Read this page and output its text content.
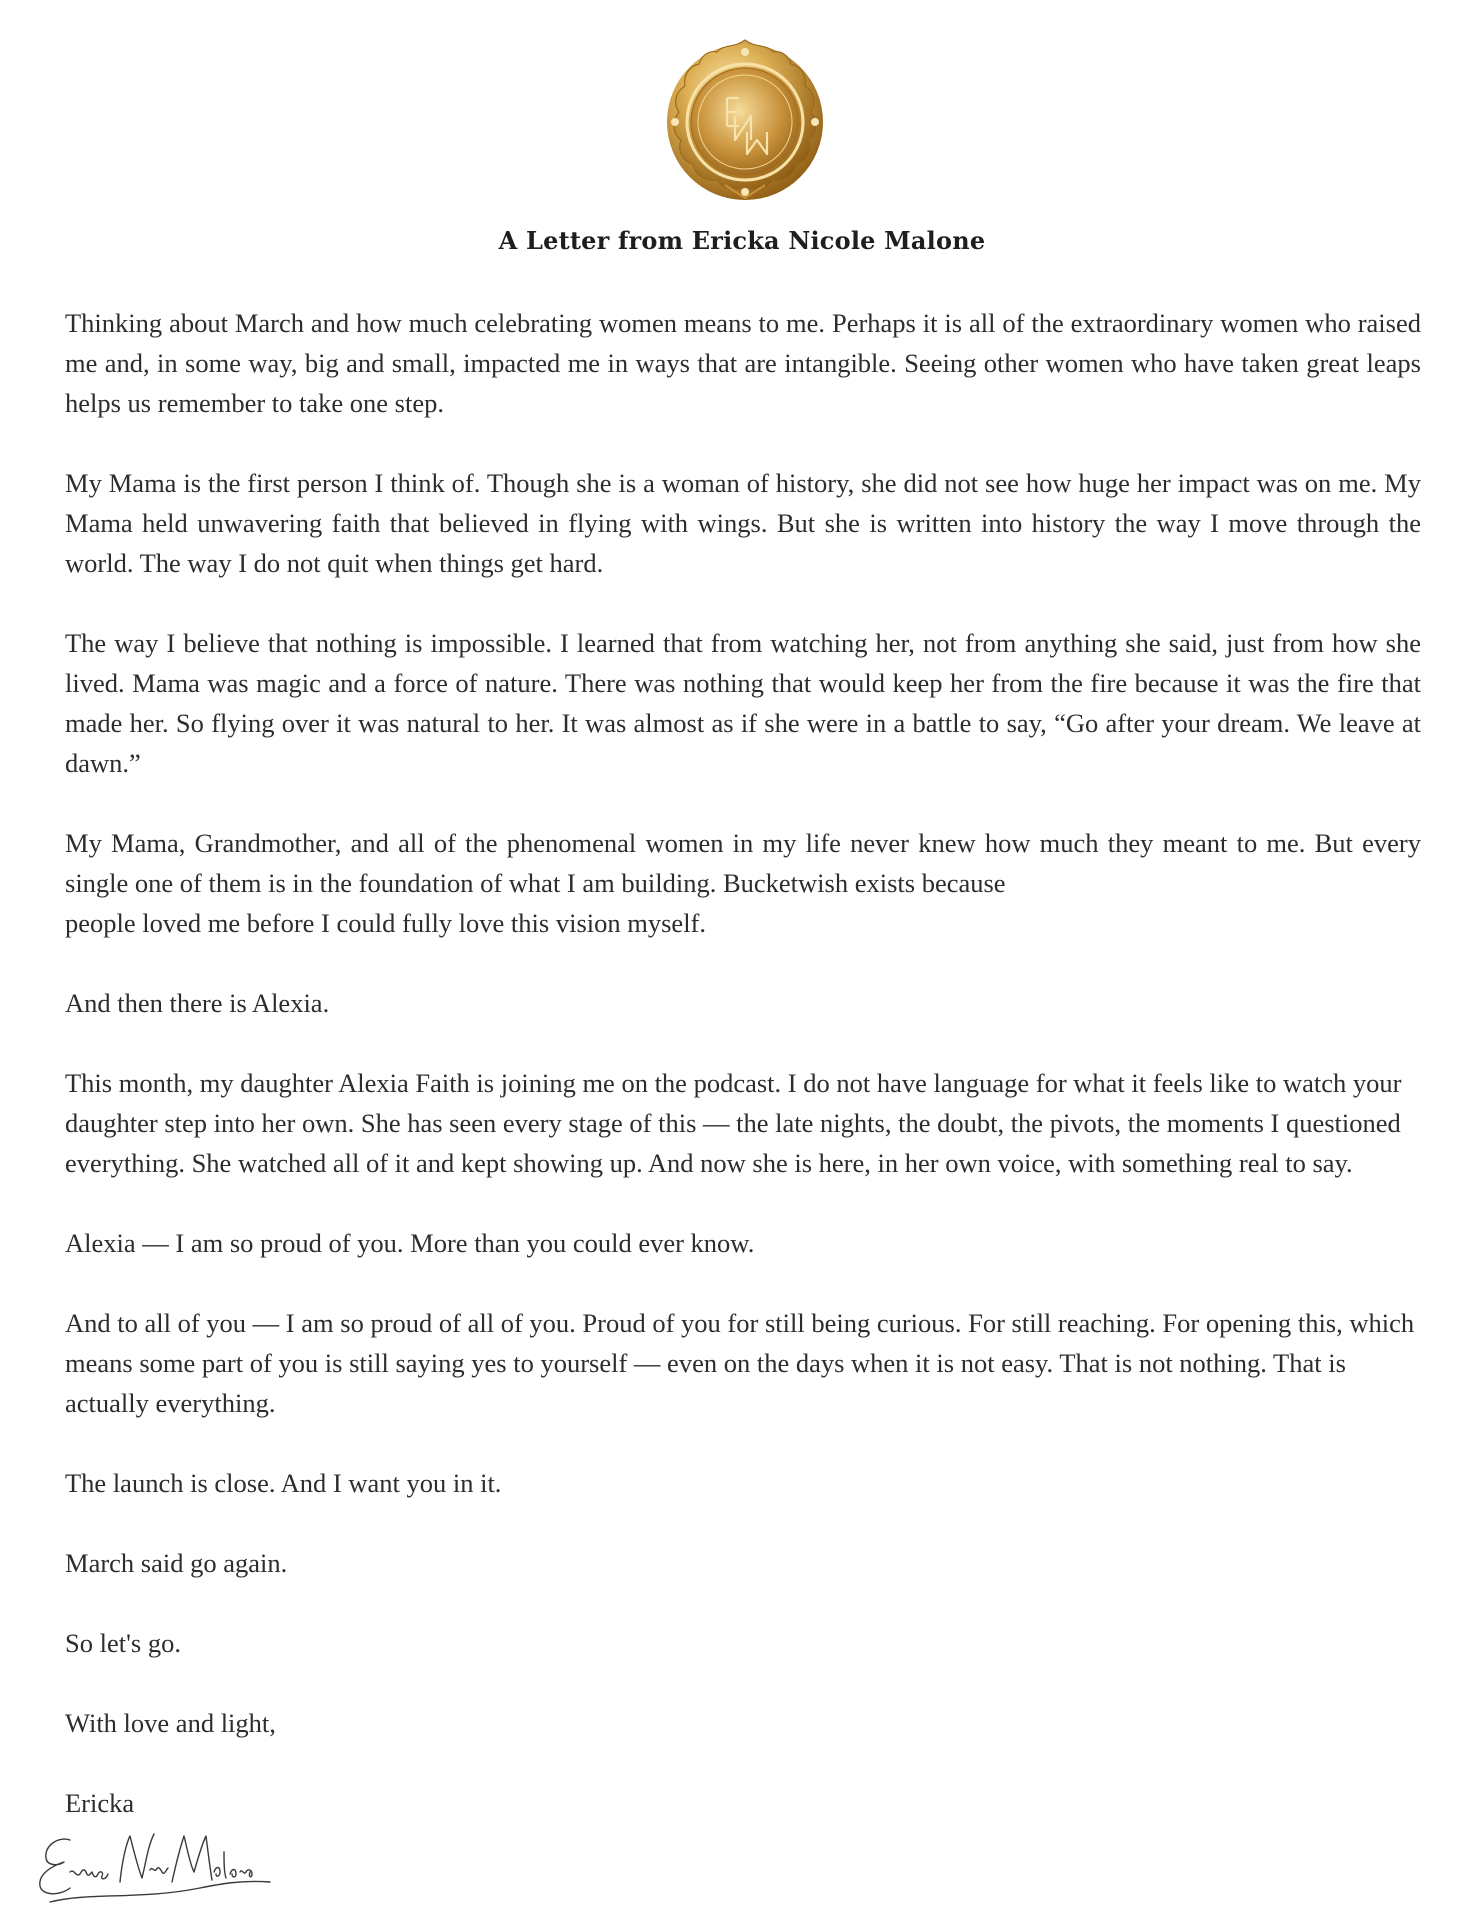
A Letter from Ericka Nicole Malone

Thinking about March and how much celebrating women means to me. Perhaps it is all of the extraordinary women who raised me and, in some way, big and small, impacted me in ways that are intangible. Seeing other women who have taken great leaps helps us remember to take one step.

My Mama is the first person I think of. Though she is a woman of history, she did not see how huge her impact was on me. My Mama held unwavering faith that believed in flying with wings. But she is written into history the way I move through the world. The way I do not quit when things get hard.

The way I believe that nothing is impossible. I learned that from watching her, not from anything she said, just from how she lived. Mama was magic and a force of nature. There was nothing that would keep her from the fire because it was the fire that made her. So flying over it was natural to her. It was almost as if she were in a battle to say, “Go after your dream. We leave at dawn.”

My Mama, Grandmother, and all of the phenomenal women in my life never knew how much they meant to me. But every single one of them is in the foundation of what I am building. Bucketwish exists because
people loved me before I could fully love this vision myself.

And then there is Alexia.

This month, my daughter Alexia Faith is joining me on the podcast. I do not have language for what it feels like to watch your daughter step into her own. She has seen every stage of this — the late nights, the doubt, the pivots, the moments I questioned everything. She watched all of it and kept showing up. And now she is here, in her own voice, with something real to say.

Alexia — I am so proud of you. More than you could ever know.

And to all of you — I am so proud of all of you. Proud of you for still being curious. For still reaching. For opening this, which means some part of you is still saying yes to yourself — even on the days when it is not easy. That is not nothing. That is actually everything.

The launch is close. And I want you in it.

March said go again.

So let's go.

With love and light,

Ericka
